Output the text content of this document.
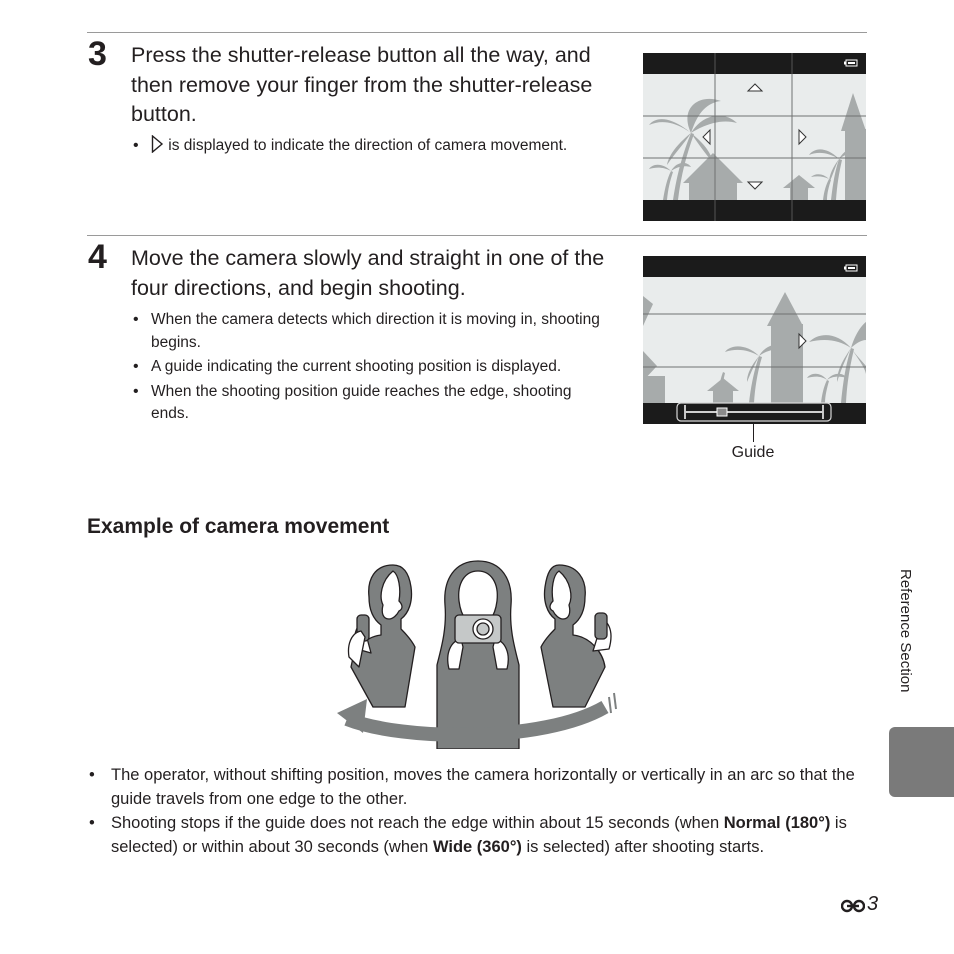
3 Press the shutter-release button all the way, and then remove your finger from the shutter-release button.
• is displayed to indicate the direction of camera movement.
4 Move the camera slowly and straight in one of the four directions, and begin shooting.
• When the camera detects which direction it is moving in, shooting begins.
• A guide indicating the current shooting position is displayed.
• When the shooting position guide reaches the edge, shooting ends.
Guide
Example of camera movement
• The operator, without shifting position, moves the camera horizontally or vertically in an arc so that the guide travels from one edge to the other.
• Shooting stops if the guide does not reach the edge within about 15 seconds (when Normal (180°) is selected) or within about 30 seconds (when Wide (360°) is selected) after shooting starts.
Reference Section
3
